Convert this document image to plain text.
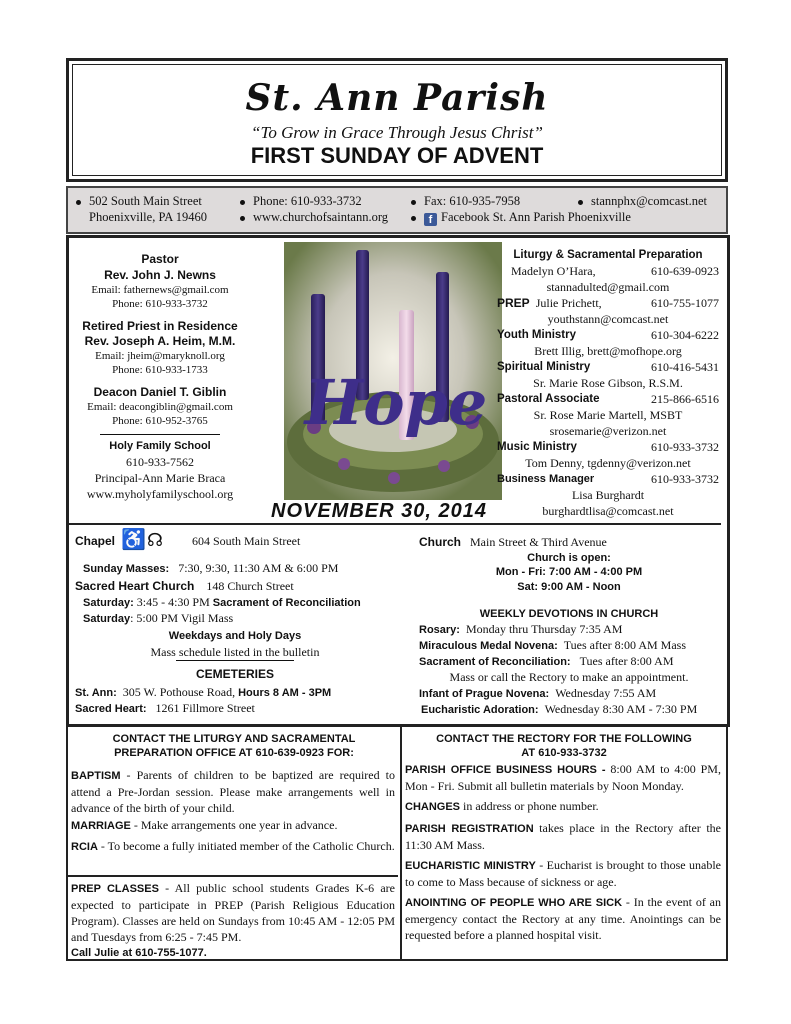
St. Ann Parish
“To Grow in Grace Through Jesus Christ”
FIRST SUNDAY OF ADVENT
502 South Main Street
Phoenixville, PA 19460
Phone: 610-933-3732
www.churchofsaintann.org
Fax: 610-935-7958
f Facebook St. Ann Parish Phoenixville
stannphx@comcast.net
Pastor
Rev. John J. Newns
Email: fathernews@gmail.com
Phone: 610-933-3732
Retired Priest in Residence
Rev. Joseph A. Heim, M.M.
Email: jheim@maryknoll.org
Phone: 610-933-1733
Deacon Daniel T. Giblin
Email: deacongiblin@gmail.com
Phone: 610-952-3765
Holy Family School
610-933-7562
Principal-Ann Marie Braca
www.myholyfamilyschool.org
Hope
NOVEMBER 30, 2014
Liturgy & Sacramental Preparation
Madelyn O’Hara,	610-639-0923
stannadulted@gmail.com
PREP Julie Prichett,	610-755-1077
youthstann@comcast.net
Youth Ministry	610-304-6222
Brett Illig, brett@mofhope.org
Spiritual Ministry	610-416-5431
Sr. Marie Rose Gibson, R.S.M.
Pastoral Associate	215-866-6516
Sr. Rose Marie Martell, MSBT
srosemarie@verizon.net
Music Ministry	610-933-3732
Tom Denny, tgdenny@verizon.net
Business Manager	610-933-3732
Lisa Burghardt
burghardtlisa@comcast.net
Chapel ♿ ☊ 604 South Main Street
Sunday Masses: 7:30, 9:30, 11:30 AM & 6:00 PM
Sacred Heart Church 148 Church Street
Saturday: 3:45 - 4:30 PM Sacrament of Reconciliation
Saturday: 5:00 PM Vigil Mass
Weekdays and Holy Days
Mass schedule listed in the bulletin
CEMETERIES
St. Ann: 305 W. Pothouse Road, Hours 8 AM - 3PM
Sacred Heart: 1261 Fillmore Street
Church Main Street & Third Avenue
Church is open:
Mon - Fri: 7:00 AM - 4:00 PM
Sat: 9:00 AM - Noon
WEEKLY DEVOTIONS IN CHURCH
Rosary: Monday thru Thursday 7:35 AM
Miraculous Medal Novena: Tues after 8:00 AM Mass
Sacrament of Reconciliation: Tues after 8:00 AM
Mass or call the Rectory to make an appointment.
Infant of Prague Novena: Wednesday 7:55 AM
Eucharistic Adoration: Wednesday 8:30 AM - 7:30 PM
CONTACT THE LITURGY AND SACRAMENTAL
PREPARATION OFFICE AT 610-639-0923 FOR:
BAPTISM - Parents of children to be baptized are required to attend a Pre-Jordan session. Please make arrangements well in advance of the birth of your child.
MARRIAGE - Make arrangements one year in advance.
RCIA - To become a fully initiated member of the Catholic Church.
PREP CLASSES - All public school students Grades K-6 are expected to participate in PREP (Parish Religious Education Program). Classes are held on Sundays from 10:45 AM - 12:05 PM and Tuesdays from 6:25 - 7:45 PM.
Call Julie at 610-755-1077.
CONTACT THE RECTORY FOR THE FOLLOWING
AT 610-933-3732
PARISH OFFICE BUSINESS HOURS - 8:00 AM to 4:00 PM, Mon - Fri. Submit all bulletin materials by Noon Monday.
CHANGES in address or phone number.
PARISH REGISTRATION takes place in the Rectory after the 11:30 AM Mass.
EUCHARISTIC MINISTRY - Eucharist is brought to those unable to come to Mass because of sickness or age.
ANOINTING OF PEOPLE WHO ARE SICK - In the event of an emergency contact the Rectory at any time. Anointings can be requested before a planned hospital visit.
